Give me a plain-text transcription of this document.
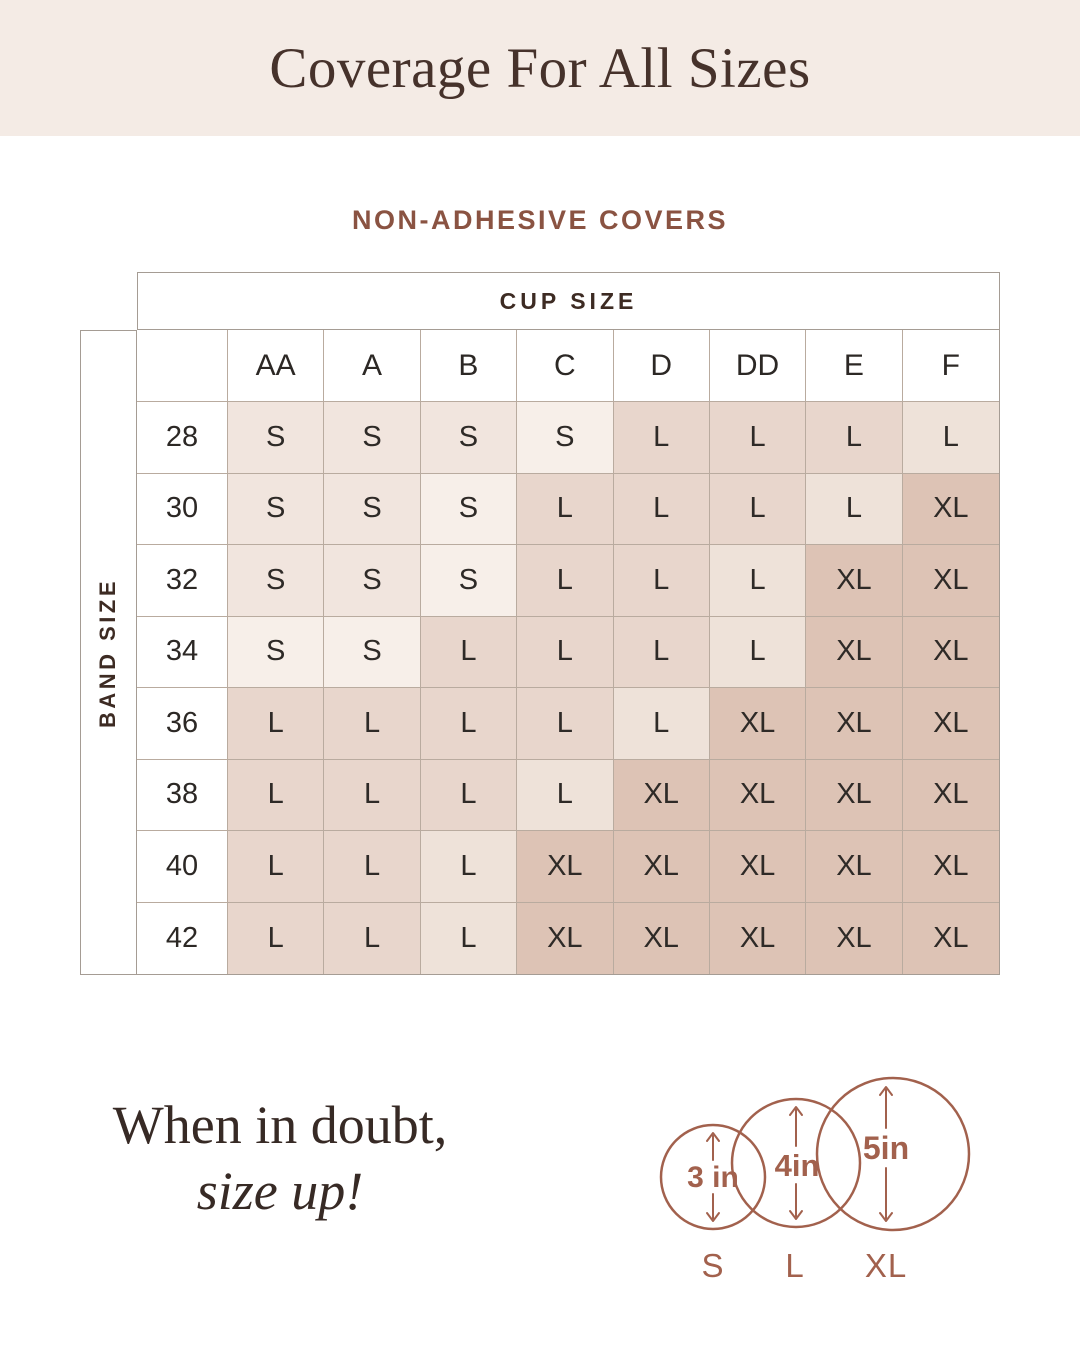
Coverage For All Sizes
NON-ADHESIVE COVERS
CUP SIZE
BAND SIZE
AA	A	B	C	D	DD	E	F
28	S	S	S	S	L	L	L	L
30	S	S	S	L	L	L	L	XL
32	S	S	S	L	L	L	XL	XL
34	S	S	L	L	L	L	XL	XL
36	L	L	L	L	L	XL	XL	XL
38	L	L	L	L	XL	XL	XL	XL
40	L	L	L	XL	XL	XL	XL	XL
42	L	L	L	XL	XL	XL	XL	XL
When in doubt,
size up!	3 in 4in 5in
S L XL
